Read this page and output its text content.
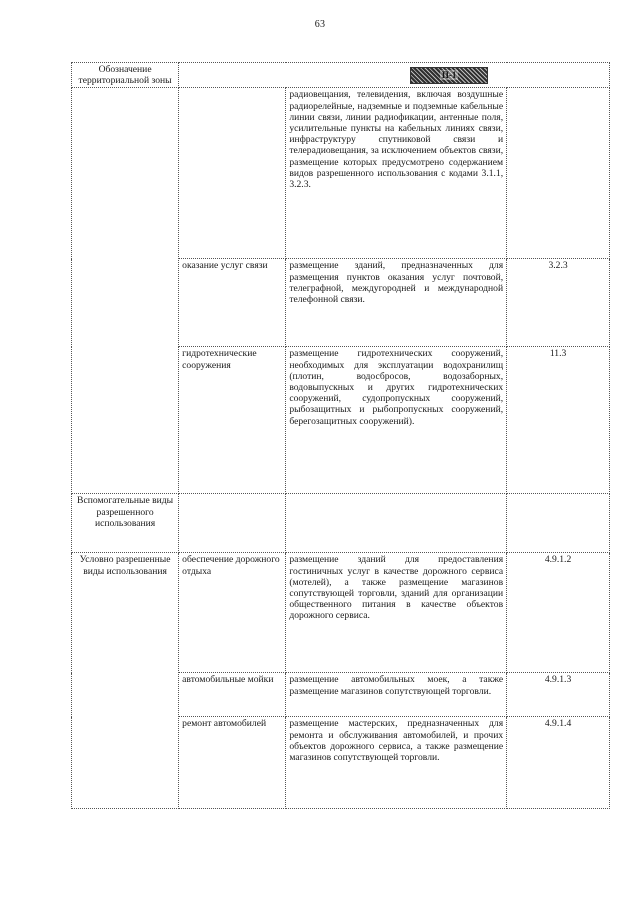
63
Обозначение территориальной зоны	П-1		
		радиовещания, телевидения, включая воздушные радиорелейные, надземные и подземные кабельные линии связи, линии радиофикации, антенные поля, усилительные пункты на кабельных линиях связи, инфраструктуру спутниковой связи и телерадиовещания, за исключением объектов связи, размещение которых предусмотрено содержанием видов разрешенного использования с кодами 3.1.1, 3.2.3.	
	оказание услуг связи	размещение зданий, предназначенных для размещения пунктов оказания услуг почтовой, телеграфной, междугородней и международной телефонной связи.	3.2.3
	гидротехнические сооружения	размещение гидротехнических сооружений, необходимых для эксплуатации водохранилищ (плотин, водосбросов, водозаборных, водовыпускных и других гидротехнических сооружений, судопропускных сооружений, рыбозащитных и рыбопропускных сооружений, берегозащитных сооружений).	11.3
Вспомогательные виды разрешенного использования			
Условно разрешенные виды использования	обеспечение дорожного отдыха	размещение зданий для предоставления гостиничных услуг в качестве дорожного сервиса (мотелей), а также размещение магазинов сопутствующей торговли, зданий для организации общественного питания в качестве объектов дорожного сервиса.	4.9.1.2
	автомобильные мойки	размещение автомобильных моек, а также размещение магазинов сопутствующей торговли.	4.9.1.3
	ремонт автомобилей	размещение мастерских, предназначенных для ремонта и обслуживания автомобилей, и прочих объектов дорожного сервиса, а также размещение магазинов сопутствующей торговли.	4.9.1.4
